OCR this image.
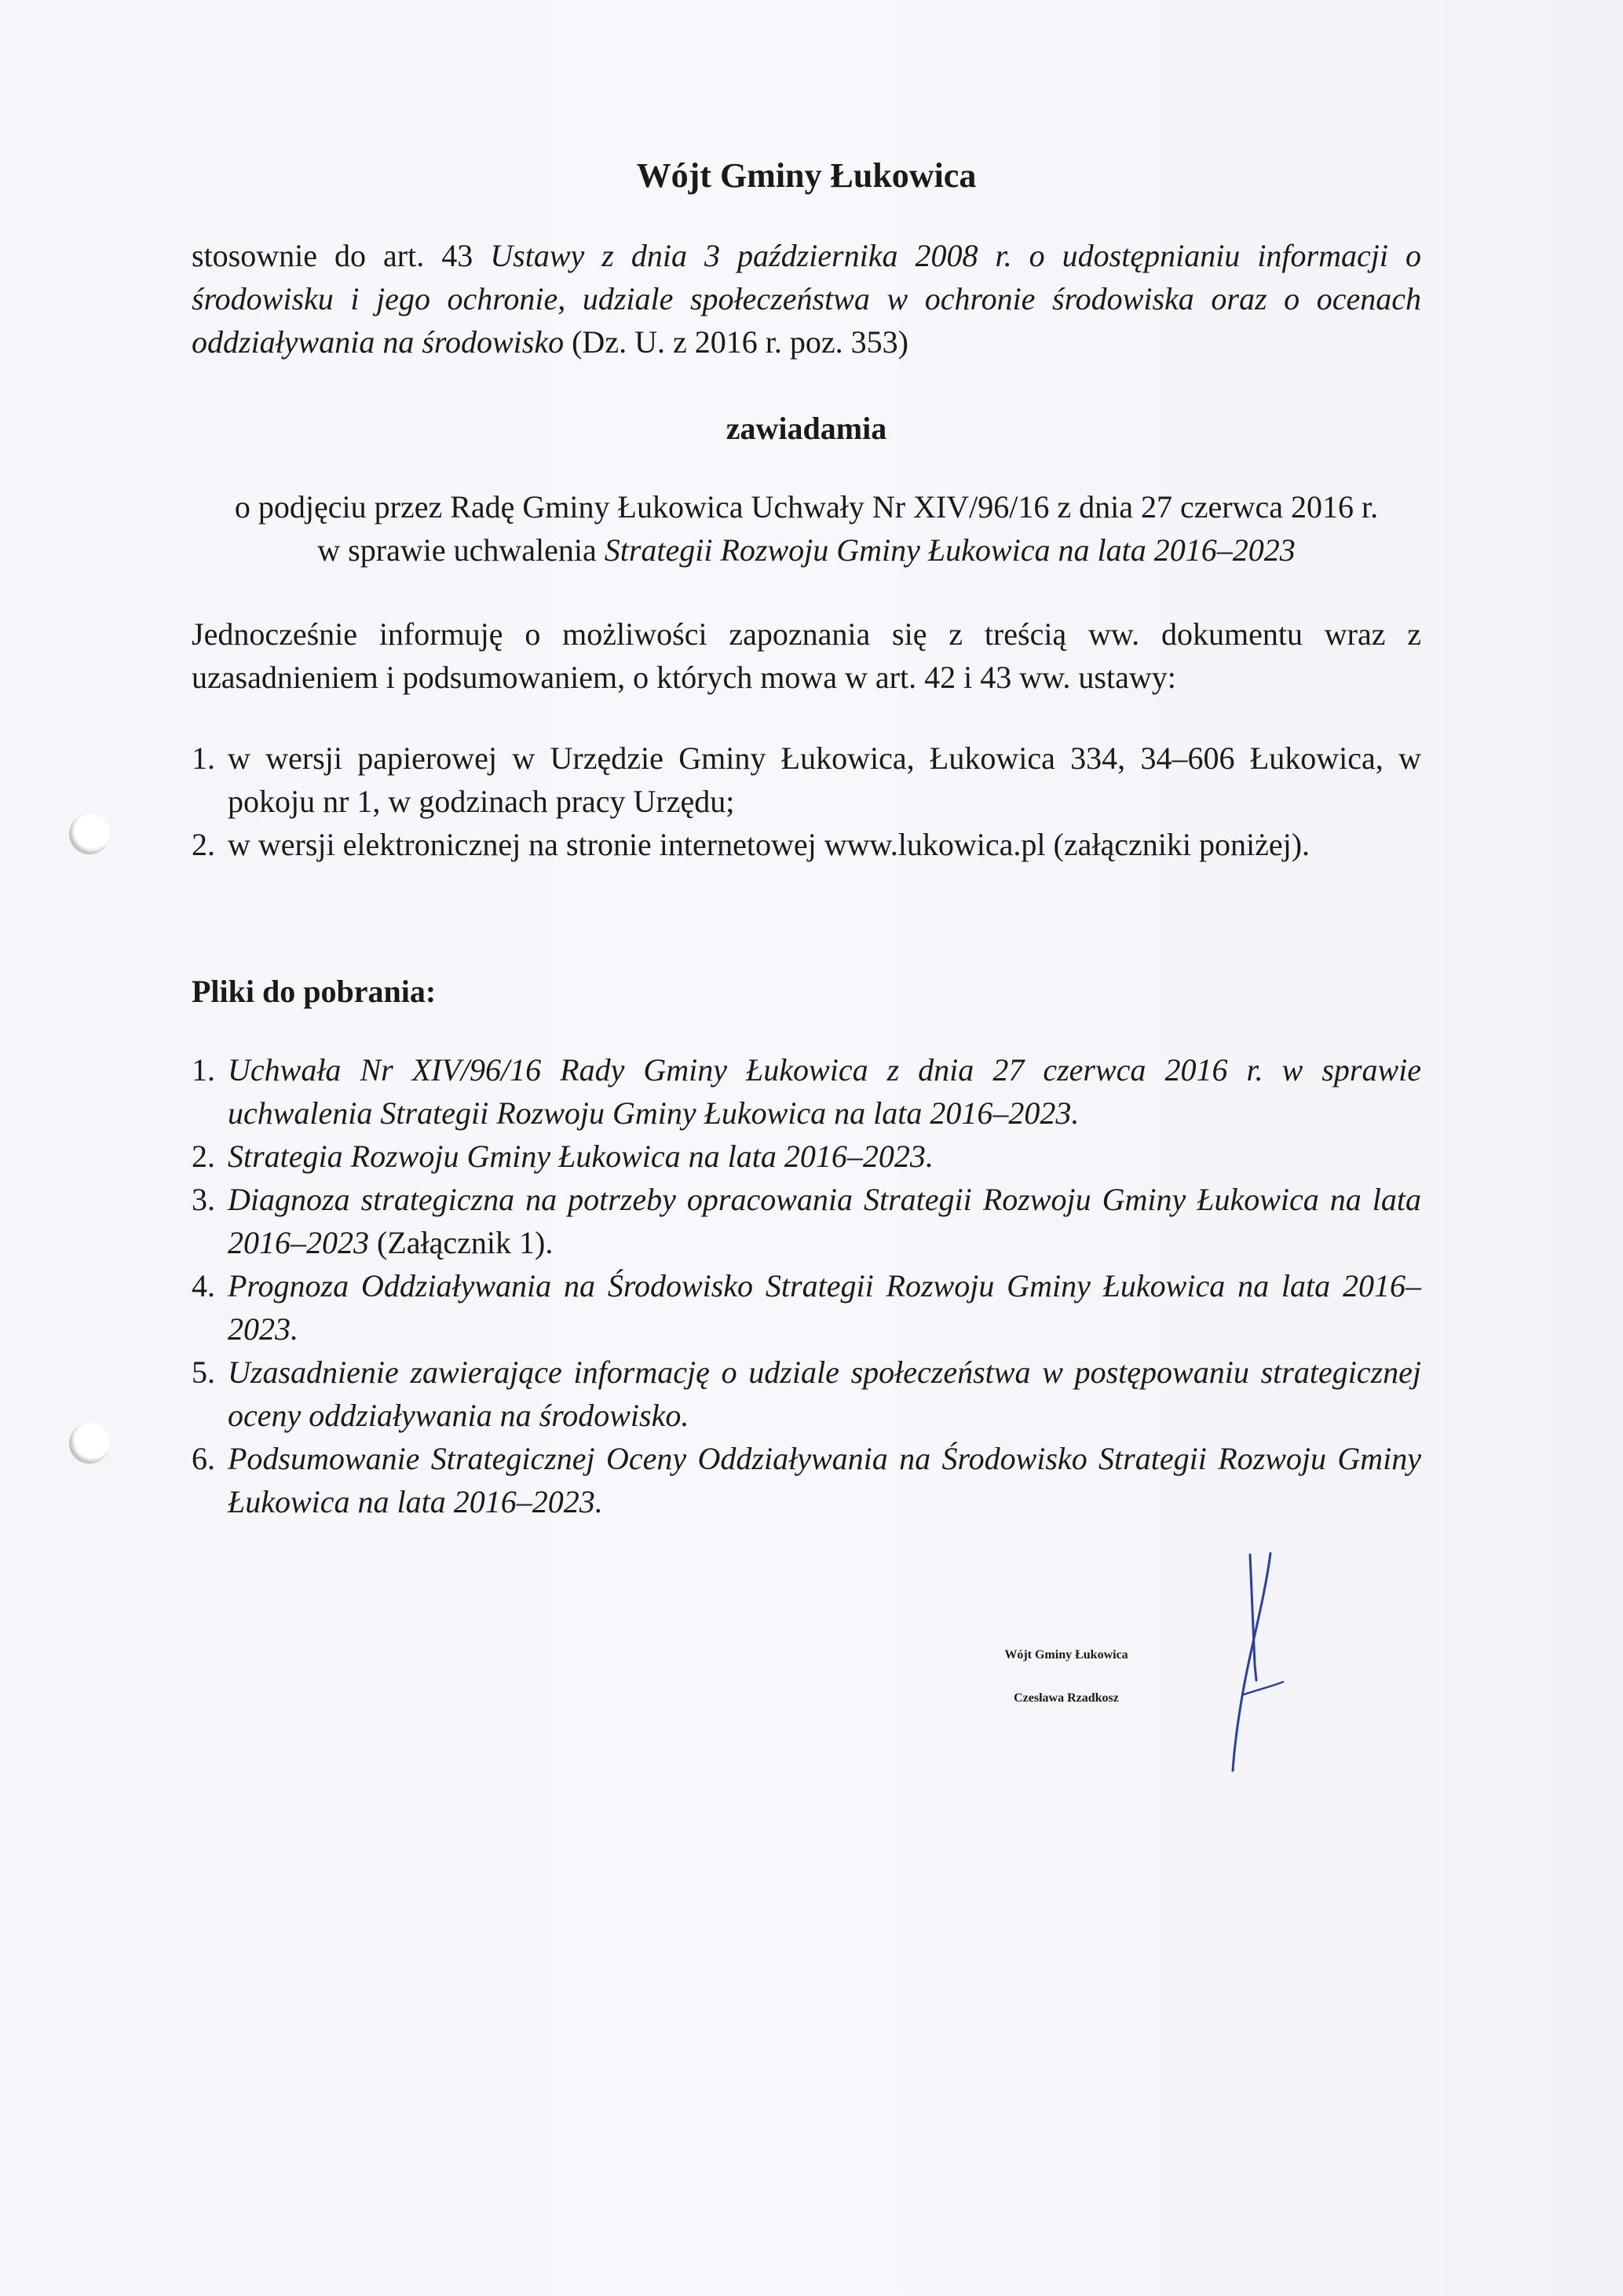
Wójt Gminy Łukowica
stosownie do art. 43 Ustawy z dnia 3 października 2008 r. o udostępnianiu informacji o środowisku i jego ochronie, udziale społeczeństwa w ochronie środowiska oraz o ocenach oddziaływania na środowisko (Dz. U. z 2016 r. poz. 353)
zawiadamia
o podjęciu przez Radę Gminy Łukowica Uchwały Nr XIV/96/16 z dnia 27 czerwca 2016 r.
w sprawie uchwalenia Strategii Rozwoju Gminy Łukowica na lata 2016–2023
Jednocześnie informuję o możliwości zapoznania się z treścią ww. dokumentu wraz z uzasadnieniem i podsumowaniem, o których mowa w art. 42 i 43 ww. ustawy:
1. w wersji papierowej w Urzędzie Gminy Łukowica, Łukowica 334, 34–606 Łukowica, w pokoju nr 1, w godzinach pracy Urzędu;
2. w wersji elektronicznej na stronie internetowej www.lukowica.pl (załączniki poniżej).
Pliki do pobrania:
1. Uchwała Nr XIV/96/16 Rady Gminy Łukowica z dnia 27 czerwca 2016 r. w sprawie uchwalenia Strategii Rozwoju Gminy Łukowica na lata 2016–2023.
2. Strategia Rozwoju Gminy Łukowica na lata 2016–2023.
3. Diagnoza strategiczna na potrzeby opracowania Strategii Rozwoju Gminy Łukowica na lata 2016–2023 (Załącznik 1).
4. Prognoza Oddziaływania na Środowisko Strategii Rozwoju Gminy Łukowica na lata 2016–2023.
5. Uzasadnienie zawierające informację o udziale społeczeństwa w postępowaniu strategicznej oceny oddziaływania na środowisko.
6. Podsumowanie Strategicznej Oceny Oddziaływania na Środowisko Strategii Rozwoju Gminy Łukowica na lata 2016–2023.
Wójt Gminy Łukowica
Czesława Rzadkosz
